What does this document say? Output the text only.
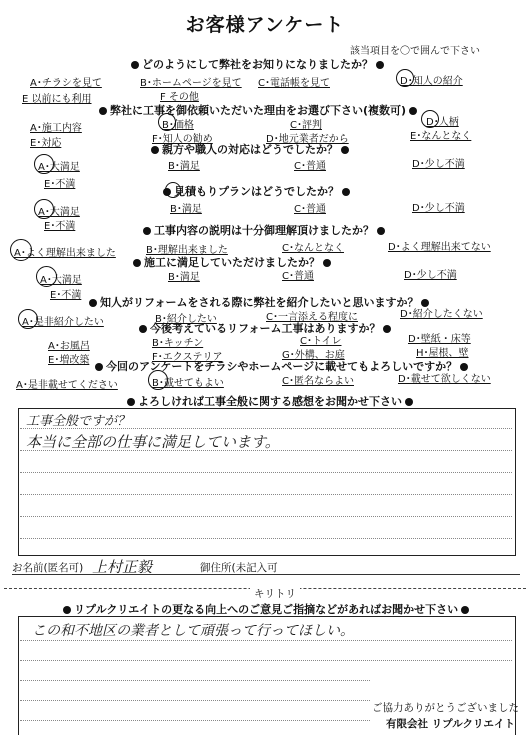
お客様アンケート
該当項目を〇で囲んで下さい
どのようにして弊社をお知りになりましたか？
A･チラシを見て	B･ホームページを見て C･電話帳を見て	D･知人の紹介
E 以前にも利用	F その他
弊社に工事を御依頼いただいた理由をお選び下さい(複数可)
A･施工内容	B･価格	C･評判	D･人柄
E･対応	F･知人の勧め	D･地元業者だから	E･なんとなく
親方や職人の対応はどうでしたか？
A･大満足	B･満足	C･普通	D･少し不満
E･不満
見積もりプランはどうでしたか？
A･大満足	B･満足	C･普通	D･少し不満
E･不満	工事内容の説明は十分御理解頂けましたか？
A･よく理解出来ました	B･理解出来ました	C･なんとなく	D･よく理解出来てない
施工に満足していただけましたか？
A･大満足	B･満足	C･普通	D･少し不満
E･不満
知人がリフォームをされる際に弊社を紹介したいと思いますか？
A･是非紹介したい	B･紹介したい	C･一言添える程度に	D･紹介したくない
今後考えているリフォーム工事はありますか？
A･お風呂	B･キッチン	C･トイレ	D･壁紙・床等
E･増改築	F･エクステリア	G･外構、お庭	H･屋根、壁
今回のアンケートをチラシやホームページに載せてもよろしいですか？
A･是非載せてください	B･載せてもよい	C･匿名ならよい	D･載せて欲しくない
よろしければ工事全般に関する感想をお聞かせ下さい
工事全般ですが？
本当に全部の仕事に満足しています。
お名前(匿名可) 上村正毅	御住所(未記入可
キリトリ
リプルクリエイトの更なる向上へのご意見ご指摘などがあればお聞かせ下さい
この和不地区の業者として頑張って行ってほしい。
ご協力ありがとうございました
有限会社 リプルクリエイト
